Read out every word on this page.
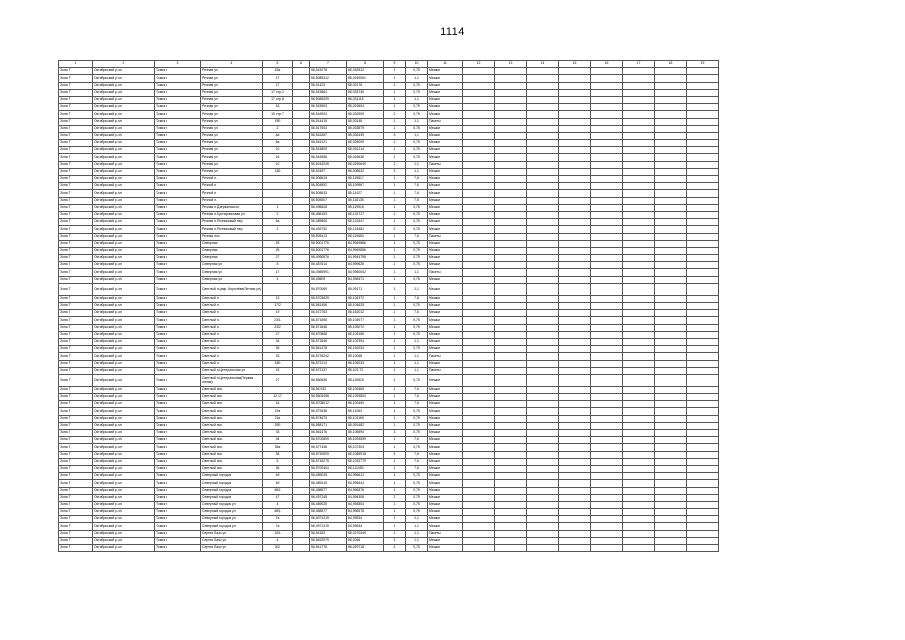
1114
1	2	3	4	5	6	7	8	9	10	11	12	13	14	15	16	17	18	19
Зона Т	Октябрьский р-он	Томск г	Речная ул	15а		56,515278	85,032512	1	0,75	Мешки								
Зона Т	Октябрьский р-он	Томск г	Речная ул	17		56,5085312	85,0249061	1	1,1	Мешки								
Зона Т	Октябрьский р-он	Томск г	Речная ул	17		56,51423	85,03176	2	0,75	Мешки								
Зона Т	Октябрьский р-он	Томск г	Речная ул	17 стр.2		56,515864	85,033735	1	0,75	Мешки								
Зона Т	Октябрьский р-он	Томск г	Речная ул	17 стр.8		56,5085009	85,031115	1	1,1	Мешки								
Зона Т	Октябрьский р-он	Томск г	Речная ул	18		56,515903	85,023604	1	0,75	Мешки								
Зона Т	Октябрьский р-он	Томск г	Речная ул	19 стр.7		56,516903	85,032909	2	0,75	Мешки								
Зона Т	Октябрьский р-он	Томск г	Речная ул	19Б		56,514415	85,03148	1	1,1	Пакеты								
Зона Т	Октябрьский р-он	Томск г	Речная ул	2		56,517603	85,033879	1	0,75	Мешки								
Зона Т	Октябрьский р-он	Томск г	Речная ул	4а		56,516457	85,032439	3	1,1	Мешки								
Зона Т	Октябрьский р-он	Томск г	Речная ул	6а		56,516121	85,028009	2	0,75	Мешки								
Зона Т	Октябрьский р-он	Томск г	Речная ул	10		56,515809	85,031214	1	0,75	Мешки								
Зона Т	Октябрьский р-он	Томск г	Речная ул	16		56,516558	85,016638	1	0,75	Мешки								
Зона Т	Октябрьский р-он	Томск г	Речная ул	10		56,5243249	85,0250649	2	1,1	Пакеты								
Зона Т	Октябрьский р-он	Томск г	Речная ул	13Б		56,52497	85,008532	3	1,1	Мешки								
Зона Т	Октябрьский р-он	Томск г	Речной п.			56,506613	85,119817	1	7,6	Мешки								
Зона Т	Октябрьский р-он	Томск г	Речной п.			56,504892	85,109967	1	7,6	Мешки								
Зона Т	Октябрьский р-он	Томск г	Речной п.			56,508633	85,11427	1	7,6	Мешки								
Зона Т	Октябрьский р-он	Томск г	Речной п.			56,505507	85,118135	1	7,6	Мешки								
Зона Т	Октябрьский р-он	Томск г	Речная п.Дзержинского	1		56,496628	85,119916	1	0,75	Мешки								
Зона Т	Октябрьский р-он	Томск г	Речная п.Кустарниковая ул	2		56,486153	85,131717	2	0,75	Мешки								
Зона Т	Октябрьский р-он	Томск г	Речная п.Речниковый пер	6а		56,489806	85,123447	1	0,75	Мешки								
Зона Т	Октябрьский р-он	Томск г	Речная п.Речниковый пер	2		56,493732	85,124481	2	0,75	Мешки								
Зона Т	Октябрьский р-он	Томск г	Речная пос.			56,505413	85,119654	1	7,6	Пакеты								
Зона Т	Октябрьский р-он	Томск г	Северная	25		56,5001776	84,9949886	1	0,75	Мешки								
Зона Т	Октябрьский р-он	Томск г	Северная	25		56,5001776	84,9949886	1	0,75	Мешки								
Зона Т	Октябрьский р-он	Томск г	Северная	27		56,4990876	84,9944796	1	0,75	Мешки								
Зона Т	Октябрьский р-он	Томск г	Северная ул	8		56,487614	84,999626	1	0,75	Мешки								
Зона Т	Октябрьский р-он	Томск г	Северная ул	17		56,4985991	84,9960002	1	1,1	Пакеты								
Зона Т	Октябрьский р-он	Томск г	Северная ул	4		56,49809	84,998471	1	0,75	Мешки								
Зона Т	Октябрьский р-он	Томск г	Светлый п.(мкр. Королёва/Летняя ул)			56,570069	85,09171	1	1,1	Мешки								
Зона Т	Октябрьский р-он	Томск г	Светлый п.	13		56,5703629	85,104372	1	7,6	Мешки								
Зона Т	Октябрьский р-он	Томск г	Светлый п.	17/2		56,561456	85,104625	1	0,75	Мешки								
Зона Т	Октябрьский р-он	Томск г	Светлый п.	19		56,572763	85,162012	1	7,6	Мешки								
Зона Т	Октябрьский р-он	Томск г	Светлый п.	23/1		56,571698	85,104977	1	0,75	Мешки								
Зона Т	Октябрьский р-он	Томск г	Светлый п.	23/2		56,571848	85,105072	1	0,75	Мешки								
Зона Т	Октябрьский р-он	Томск г	Светлый п.	27		56,570868	85,103156	1	0,75	Мешки								
Зона Т	Октябрьский р-он	Томск г	Светлый п.	34		56,571846	85,102394	1	1,1	Мешки								
Зона Т	Октябрьский р-он	Томск г	Светлый п.	35		56,561478	85,162034	1	0,75	Мешки								
Зона Т	Октябрьский р-он	Томск г	Светлый п.	33		56,5725242	85,10048	1	1,1	Пакеты								
Зона Т	Октябрьский р-он	Томск г	Светлый п.	33Б		56,572213	85,105233	1	1,1	Мешки								
Зона Т	Октябрьский р-он	Томск г	Светлый п.Центральная ул	15		56,572137	85,103 72	1	1,1	Пакеты								
Зона Т	Октябрьский р-он	Томск г	Светлый п.Центральная(Первая линия)	27		56,560636	85,110815	1	0,75	Мешки								
Зона Т	Октябрьский р-он	Томск г	Светлый пос.			56,56 932	85,109469	1	7,6	Мешки								
Зона Т	Октябрьский р-он	Томск г	Светлый пос.	12,17		56,5603458	85,1093804	1	7,6	Мешки								
Зона Т	Октябрьский р-он	Томск г	Светлый пос.	16		56,5708012	85,100490	1	7,6	Мешки								
Зона Т	Октябрьский р-он	Томск г	Светлый пос.	19а		56,572638	85,11083	1	0,75	Мешки								
Зона Т	Октябрьский р-он	Томск г	Светлый пос.	21а		56,574673	85,101169	1	0,75	Мешки								
Зона Т	Октябрьский р-он	Томск г	Светлый пос.	29Б		56,558171	85,091482	1	0,75	Мешки								
Зона Т	Октябрьский р-он	Томск г	Светлый пос.	33		56,561476	85,105594	3	0,75	Мешки								
Зона Т	Октябрьский р-он	Томск г	Светлый пос.	34		56,5700809	85,1093539	1	7,6	Мешки								
Зона Т	Октябрьский р-он	Томск г	Светлый пос.	35а		56,577436	85,107303	1	0,75	Мешки								
Зона Т	Октябрьский р-он	Томск г	Светлый пос.	38		56,5730509	85,1085918	3	7,6	Мешки								
Зона Т	Октябрьский р-он	Томск г	Светлый пос.	5		56,5718275	85,1032779	1	7,6	Мешки								
Зона Т	Октябрьский р-он	Томск г	Светлый пос.	36		56,5700404	85,111053	1	7,6	Мешки								
Зона Т	Октябрьский р-он	Томск г	Северный городок	4б		56,489025	84,996612	1	0,75	Мешки								
Зона Т	Октябрьский р-он	Томск г	Северный городок	4б		56,489415	84,996543	1	0,75	Мешки								
Зона Т	Октябрьский р-он	Томск г	Северный городок	48/1		56,488677	84,996576	1	0,75	Мешки								
Зона Т	Октябрьский р-он	Томск г	Северный городок	47		56,497245	84,994308	2	0,75	Мешки								
Зона Т	Октябрьский р-он	Томск г	Северный городок ул	4		56,489025	84,994804	1	0,75	Мешки								
Зона Т	Октябрьский р-он	Томск г	Северный городок ул	48/1		56,488577	84,996578	1	0,75	Мешки								
Зона Т	Октябрьский р-он	Томск г	Северный городок ул	7а		56,4971219	84,99534	1	1,1	Мешки								
Зона Т	Октябрьский р-он	Томск г	Северный городок ул	7а		56,4971219	84,99534	1	1,1	Мешки								
Зона Т	Октябрьский р-он	Томск г	Сергея Лазо ул	10/1		56,54183	85,0270349	2	1,1	Пакеты								
Зона Т	Октябрьский р-он	Томск г	Сергея Лазо ул	4		56,5452979	85,0266	3	1,1	Мешки								
Зона Т	Октябрьский р-он	Томск г	Сергея Лазо ул	8/2		56,541778	85,029718	2	0,75	Мешки								
